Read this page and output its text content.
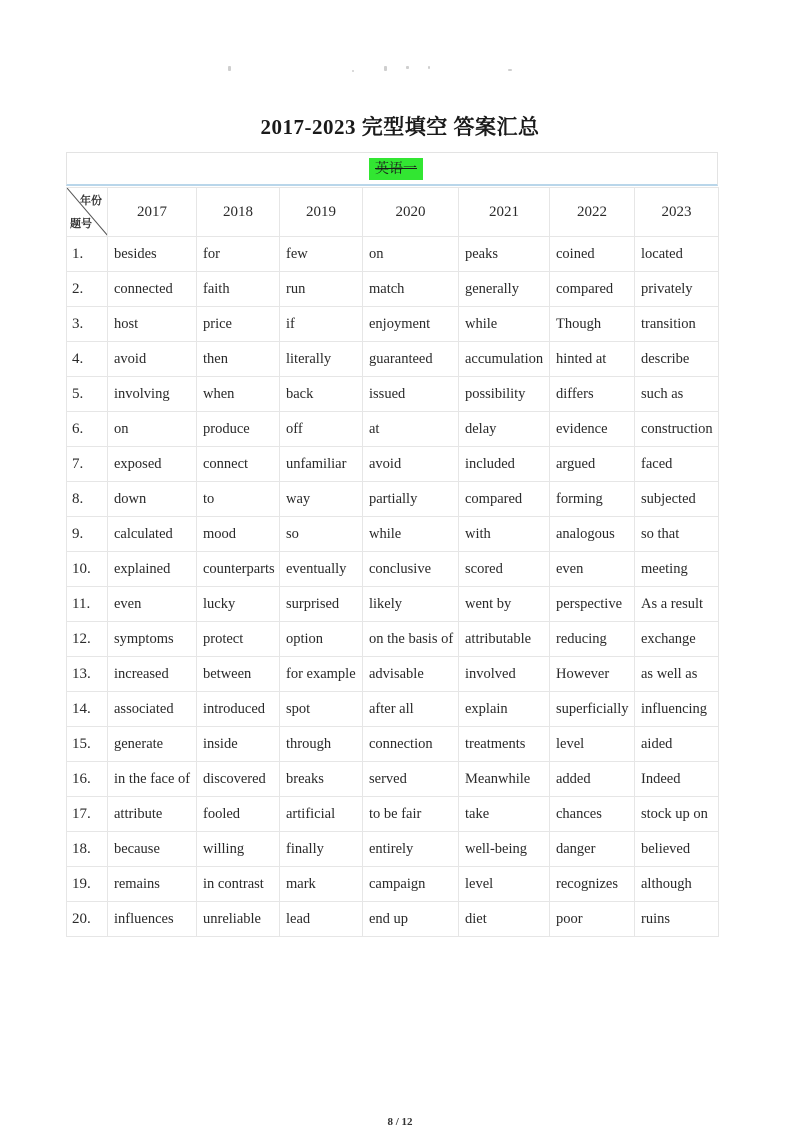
2017-2023 完型填空 答案汇总
英语一
年份
题号	2017	2018	2019	2020	2021	2022	2023
1.	besides	for	few	on	peaks	coined	located
2.	connected	faith	run	match	generally	compared	privately
3.	host	price	if	enjoyment	while	Though	transition
4.	avoid	then	literally	guaranteed	accumulation	hinted at	describe
5.	involving	when	back	issued	possibility	differs	such as
6.	on	produce	off	at	delay	evidence	construction
7.	exposed	connect	unfamiliar	avoid	included	argued	faced
8.	down	to	way	partially	compared	forming	subjected
9.	calculated	mood	so	while	with	analogous	so that
10.	explained	counterparts	eventually	conclusive	scored	even	meeting
11.	even	lucky	surprised	likely	went by	perspective	As a result
12.	symptoms	protect	option	on the basis of	attributable	reducing	exchange
13.	increased	between	for example	advisable	involved	However	as well as
14.	associated	introduced	spot	after all	explain	superficially	influencing
15.	generate	inside	through	connection	treatments	level	aided
16.	in the face of	discovered	breaks	served	Meanwhile	added	Indeed
17.	attribute	fooled	artificial	to be fair	take	chances	stock up on
18.	because	willing	finally	entirely	well-being	danger	believed
19.	remains	in contrast	mark	campaign	level	recognizes	although
20.	influences	unreliable	lead	end up	diet	poor	ruins
8 / 12
